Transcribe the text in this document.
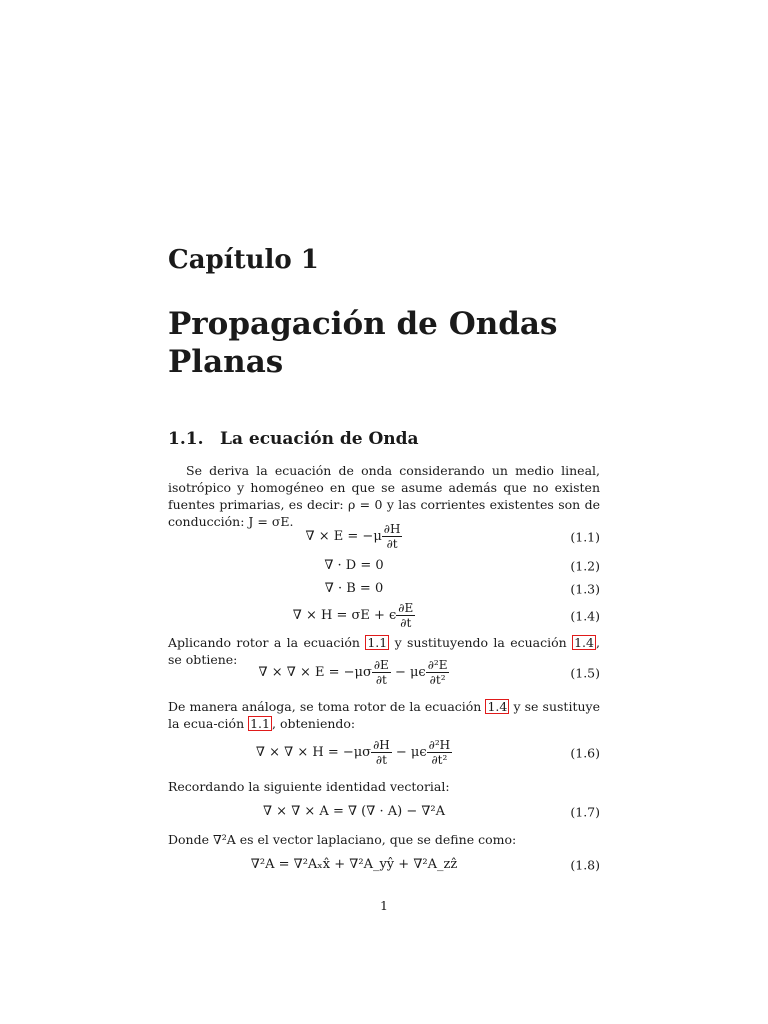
Capítulo 1
Propagación de Ondas Planas
1.1. La ecuación de Onda
Se deriva la ecuación de onda considerando un medio lineal, isotrópico y homogéneo en que se asume además que no existen fuentes primarias, es decir: ρ = 0 y las corrientes existentes son de conducción: J = σE.
∇ × $E = -\mu \frac{\partial H}{\partial t}$	(1.1)
∇ · D = 0	(1.2)
∇ · B = 0	(1.3)
∇ × H = σE + ϵ $\frac{\partial E}{\partial t}$	(1.4)
Aplicando rotor a la ecuación 1.1 y sustituyendo la ecuación 1.4 , se obtiene:
∇ × ∇ × $E = -\mu\sigma \frac{\partial E}{\partial t} - \mu\epsilon \frac{\text{∂²E}}{\text{∂t²}}$	(1.5)
De manera análoga, se toma rotor de la ecuación 1.4 y se sustituye la ecua-ción 1.1 , obteniendo:
∇ × ∇ × $H = -\mu\sigma \frac{\partial H}{\partial t} - \mu\epsilon \frac{\text{∂²H}}{\text{∂t²}}$	(1.6)
Recordando la siguiente identidad vectorial:
∇ × ∇ × A = ∇ (∇ · A) − ∇²A	(1.7)
Donde ∇²A es el vector laplaciano, que se define como:
∇²A = ∇²Aₓx̂ + ∇²A_yŷ + ∇²A_zẑ	(1.8)
1
